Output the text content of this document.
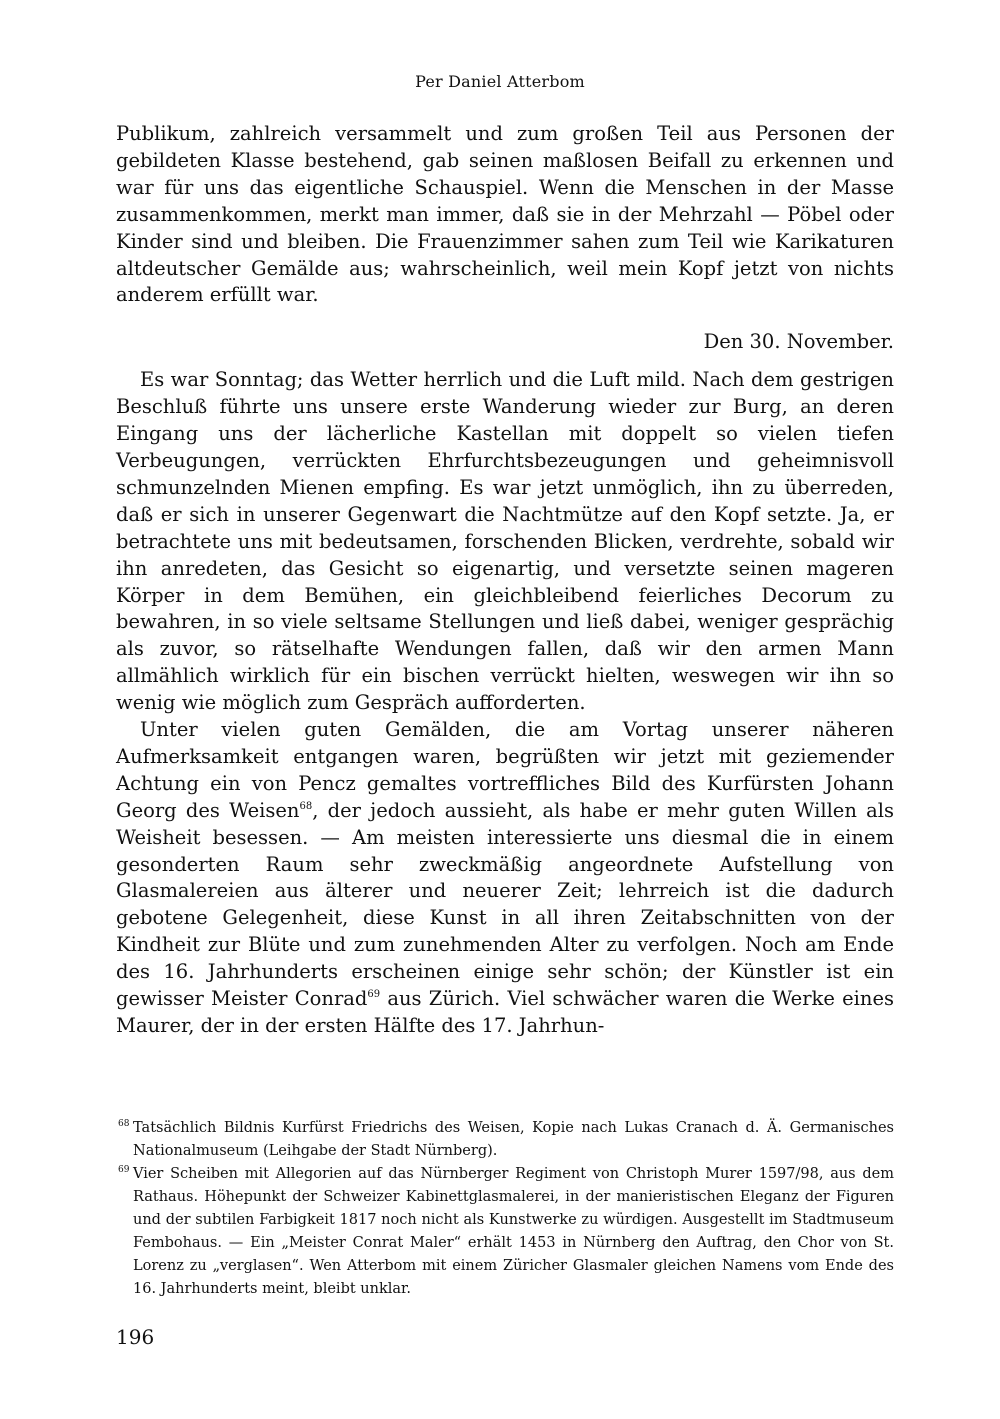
Per Daniel Atterbom

Publikum, zahlreich versammelt und zum großen Teil aus Personen der gebildeten Klasse bestehend, gab seinen maßlosen Beifall zu erkennen und war für uns das eigentliche Schauspiel. Wenn die Menschen in der Masse zusammenkommen, merkt man immer, daß sie in der Mehrzahl — Pöbel oder Kinder sind und bleiben. Die Frauenzimmer sahen zum Teil wie Karikaturen altdeutscher Gemälde aus; wahrscheinlich, weil mein Kopf jetzt von nichts anderem erfüllt war.

Den 30. November.

Es war Sonntag; das Wetter herrlich und die Luft mild. Nach dem gestrigen Beschluß führte uns unsere erste Wanderung wieder zur Burg, an deren Eingang uns der lächerliche Kastellan mit doppelt so vielen tiefen Verbeugungen, verrückten Ehrfurchtsbezeugungen und geheimnisvoll schmunzelnden Mienen empfing. Es war jetzt unmöglich, ihn zu überreden, daß er sich in unserer Gegenwart die Nachtmütze auf den Kopf setzte. Ja, er betrachtete uns mit bedeutsamen, forschenden Blicken, verdrehte, sobald wir ihn anredeten, das Gesicht so eigenartig, und versetzte seinen mageren Körper in dem Bemühen, ein gleichbleibend feierliches Decorum zu bewahren, in so viele seltsame Stellungen und ließ dabei, weniger gesprächig als zuvor, so rätselhafte Wendungen fallen, daß wir den armen Mann allmählich wirklich für ein bischen verrückt hielten, weswegen wir ihn so wenig wie möglich zum Gespräch aufforderten.

Unter vielen guten Gemälden, die am Vortag unserer näheren Aufmerksamkeit entgangen waren, begrüßten wir jetzt mit geziemender Achtung ein von Pencz gemaltes vortreffliches Bild des Kurfürsten Johann Georg des Weisen$^{68}$, der jedoch aussieht, als habe er mehr guten Willen als Weisheit besessen. — Am meisten interessierte uns diesmal die in einem gesonderten Raum sehr zweckmäßig angeordnete Aufstellung von Glasmalereien aus älterer und neuerer Zeit; lehrreich ist die dadurch gebotene Gelegenheit, diese Kunst in all ihren Zeitabschnitten von der Kindheit zur Blüte und zum zunehmenden Alter zu verfolgen. Noch am Ende des 16. Jahrhunderts erscheinen einige sehr schön; der Künstler ist ein gewisser Meister Conrad$^{69}$ aus Zürich. Viel schwächer waren die Werke eines Maurer, der in der ersten Hälfte des 17. Jahrhun-

68 Tatsächlich Bildnis Kurfürst Friedrichs des Weisen, Kopie nach Lukas Cranach d. Ä. Germanisches Nationalmuseum (Leihgabe der Stadt Nürnberg).

69 Vier Scheiben mit Allegorien auf das Nürnberger Regiment von Christoph Murer 1597/98, aus dem Rathaus. Höhepunkt der Schweizer Kabinettglasmalerei, in der manieristischen Eleganz der Figuren und der subtilen Farbigkeit 1817 noch nicht als Kunstwerke zu würdigen. Ausgestellt im Stadtmuseum Fembohaus. — Ein „Meister Conrat Maler“ erhält 1453 in Nürnberg den Auftrag, den Chor von St. Lorenz zu „verglasen“. Wen Atterbom mit einem Züricher Glasmaler gleichen Namens vom Ende des 16. Jahrhunderts meint, bleibt unklar.

196
